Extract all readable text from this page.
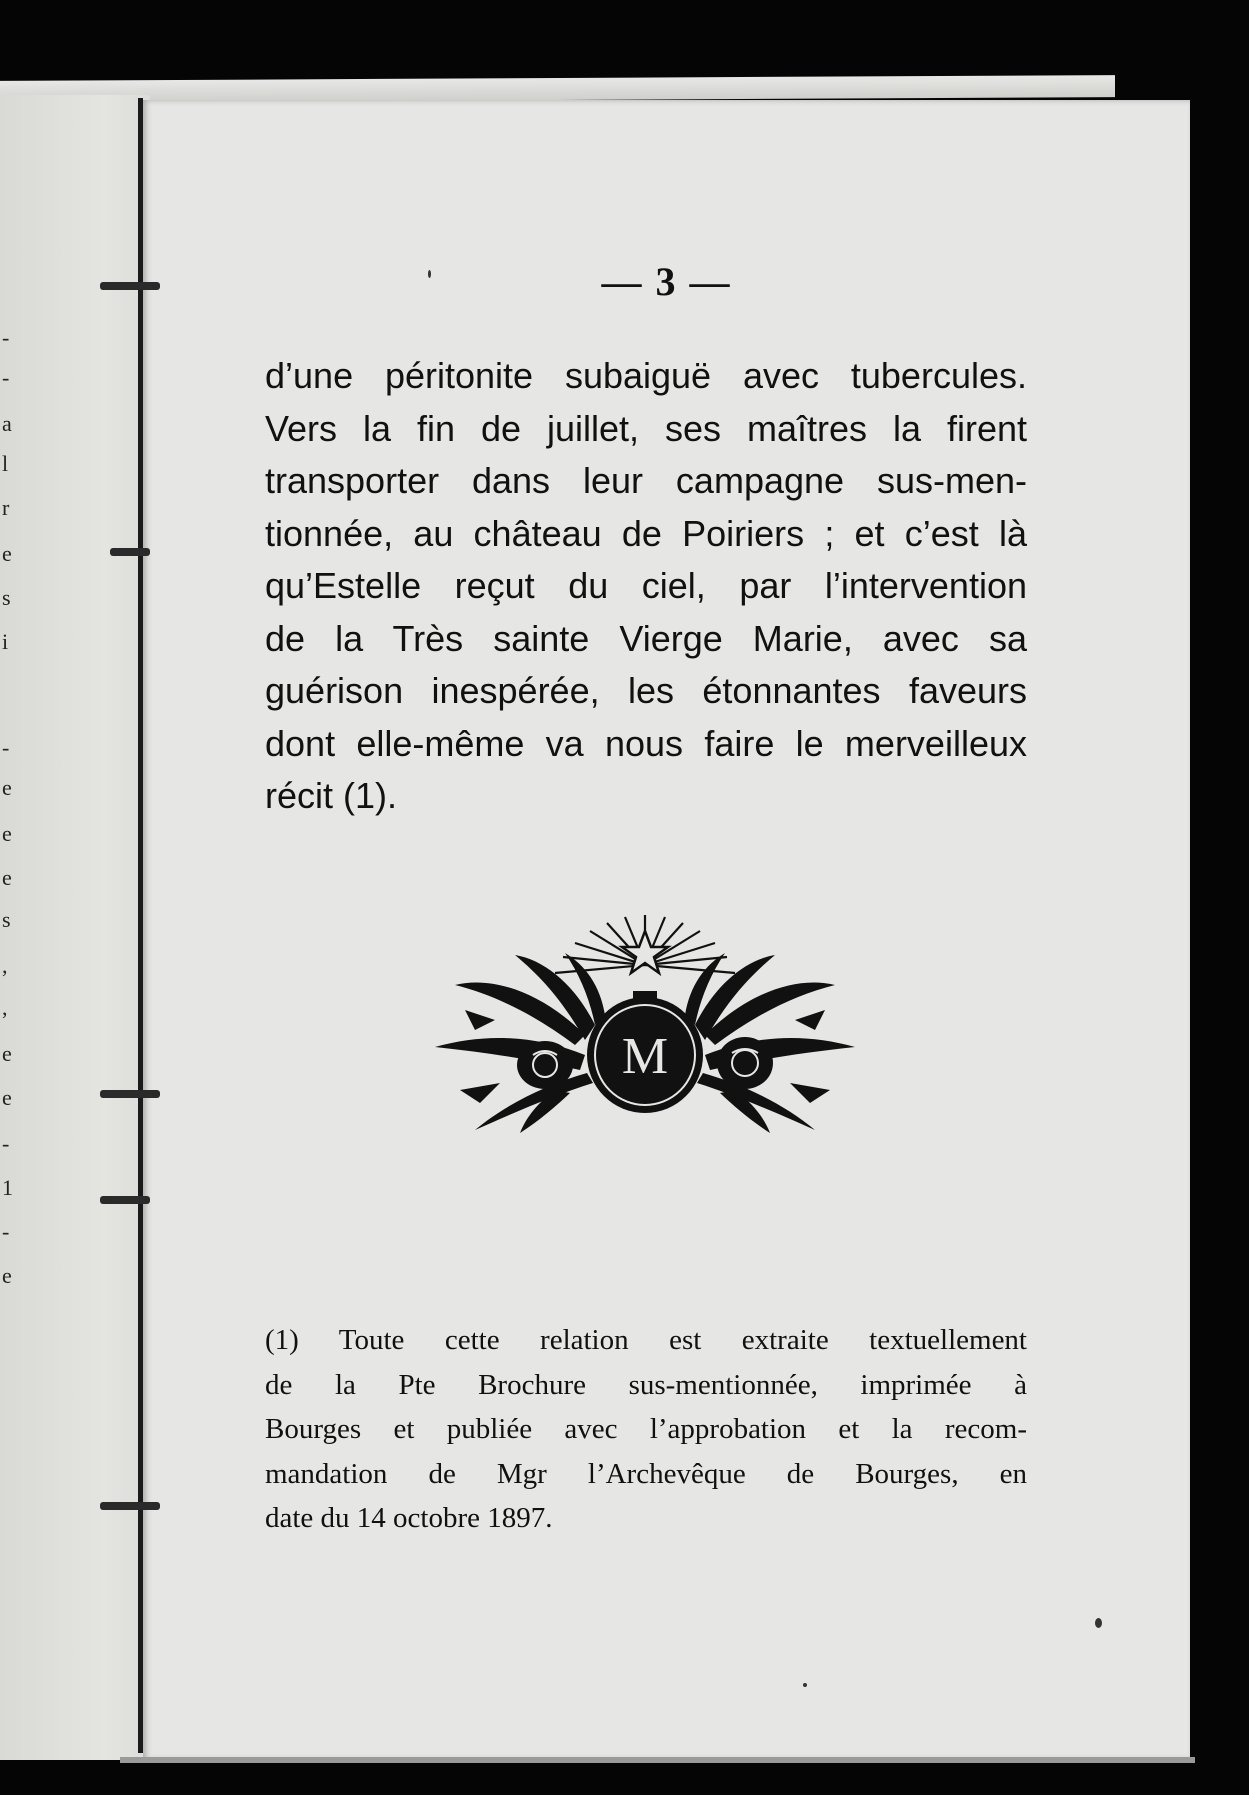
-
-
a
l
r
e
s
i
-
e
e
e
s
,
,
e
e
-
1
-
e
— 3 —
d’une péritonite subaiguë avec tubercules.
Vers la fin de juillet, ses maîtres la firent
transporter dans leur campagne sus-men-
tionnée, au château de Poiriers ; et c’est là
qu’Estelle reçut du ciel, par l’intervention
de la Très sainte Vierge Marie, avec sa
guérison inespérée, les étonnantes faveurs
dont elle-même va nous faire le merveilleux
récit (1).
M
(1) Toute cette relation est extraite textuellement
de la Pte Brochure sus-mentionnée, imprimée à
Bourges et publiée avec l’approbation et la recom-
mandation de Mgr l’Archevêque de Bourges, en
date du 14 octobre 1897.
